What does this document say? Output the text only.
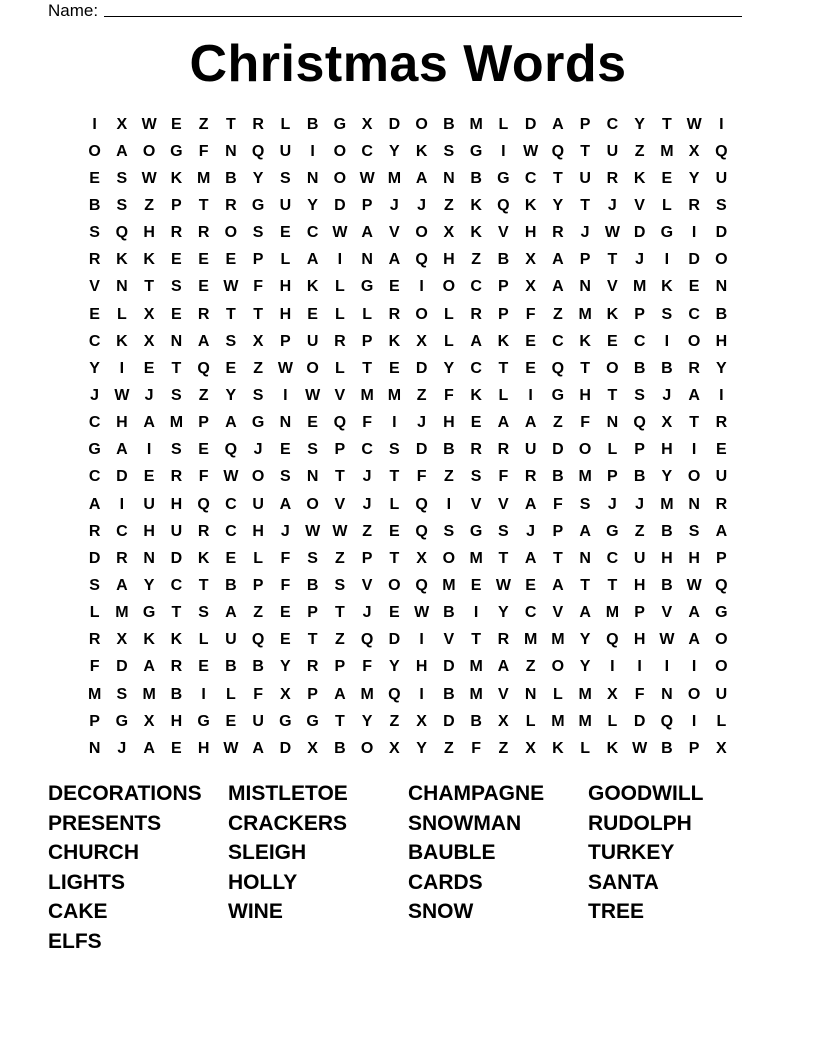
Name:
Christmas Words
I	X W E	Z	T	R	L	B G X	D O B M L	D A	P	C	Y	T W	I
O A O G	F	N Q U	I	O C	Y	K	S G	I	W Q	T	U	Z M X Q
E	S W K M B	Y	S	N O W M A N B G C	T	U R K	E	Y	U
B	S	Z	P	T	R G U	Y	D	P	J	J	Z	K Q K	Y	T	J	V	L	R	S
S Q H R R O S	E	C W A	V O X	K	V	H R	J W D G	I	D
R K K	E	E	E	P	L	A	I	N A Q H	Z	B	X	A	P	T	J	I	D O
V	N	T	S	E W F	H K	L	G E	I	O C	P	X	A N	V M K	E	N
E	L	X	E	R	T	T	H	E	L	L	R O	L	R	P	F	Z M K	P	S	C B
C K	X	N A	S	X	P	U R	P	K	X	L	A K	E	C K	E	C	I	O H
Y	I	E	T	Q E	Z W O	L	T	E	D	Y	C	T	E Q	T	O B B R	Y
J W J	S	Z	Y	S	I	W V M M Z	F	K	L	I	G H	T	S	J	A	I
C H A M P	A G N	E Q	F	I	J	H	E	A A	Z	F	N Q X	T	R
G A	I	S	E Q	J	E	S	P	C	S	D B R R U D O	L	P	H	I	E
C D	E	R	F W O S	N	T	J	T	F	Z	S	F	R B M P	B	Y O U
A	I	U H Q C U A O V	J	L	Q	I	V	V	A	F	S	J	J	M N R
R C H U R C H	J W W Z	E Q S G S	J	P	A G	Z	B	S	A
D R N D K	E	L	F	S	Z	P	T	X O M T	A	T	N C U H H	P
S	A	Y	C	T	B	P	F	B	S	V O Q M E W E	A	T	T	H B W Q
L M G	T	S	A	Z	E	P	T	J	E W B	I	Y	C	V	A M P	V	A G
R	X	K K	L	U Q E	T	Z	Q D	I	V	T	R M M Y Q H W A O
F	D A R	E	B B	Y	R	P	F	Y	H D M A	Z	O Y	I	I	I	I	O
M S M B	I	L	F	X	P	A M Q	I	B M V	N	L M X	F	N O U
P G X	H G E	U G G	T	Y	Z	X	D B	X	L M M L	D Q	I	L
N	J	A	E	H W A D	X	B O X	Y	Z	F	Z	X	K	L	K W B	P	X
DECORATIONS	MISTLETOE	CHAMPAGNE	GOODWILL
PRESENTS	CRACKERS	SNOWMAN	RUDOLPH
CHURCH	SLEIGH	BAUBLE	TURKEY
LIGHTS	HOLLY	CARDS	SANTA
CAKE	WINE	SNOW	TREE
ELFS
